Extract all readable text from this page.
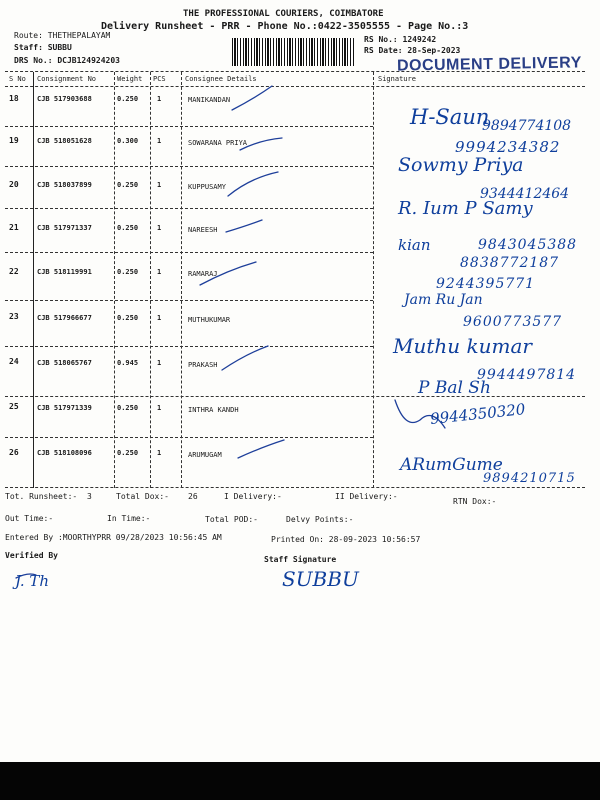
THE PROFESSIONAL COURIERS, COIMBATORE
Delivery Runsheet - PRR - Phone No.:0422-3505555 - Page No.:3
Route: THETHEPALAYAM
Staff: SUBBU
DRS No.: DCJB124924203
RS No.: 1249242
RS Date: 28-Sep-2023
DOCUMENT DELIVERY
S No Consignment No	Weight PCS	Consignee Details	Signature
18	CJB 517903688	0.250	1	MANIKANDAN
19	CJB 518051628	0.300	1	SOWARANA PRIYA
20	CJB 518037899	0.250	1	KUPPUSAMY
21	CJB 517971337	0.250	1	NAREESH
22	CJB 518119991	0.250	1	RAMARAJ
23	CJB 517966677	0.250	1	MUTHUKUMAR
24	CJB 518065767	0.945	1	PRAKASH
25	CJB 517971339	0.250	1	INTHRA KANDH
26	CJB 518108096	0.250	1	ARUMUGAM
H-Saun
9894774108
9994234382
Sowmy Priya
9344412464
R. Ium P Samy
kian	9843045388
8838772187
9244395771
Jam Ru Jan
9600773577
Muthu kumar
9944497814
P Bal Sh
9944350320
ARumGume
9894210715
Tot. Runsheet:- 3	Total Dox:- 26	I Delivery:-	II Delivery:-
RTN Dox:-
Out Time:-	In Time:-	Total POD:-	Delvy Points:-
Entered By :MOORTHYPRR 09/28/2023 10:56:45 AM	Printed On: 28-09-2023 10:56:57
Verified By	Staff Signature
J. Th	SUBBU
